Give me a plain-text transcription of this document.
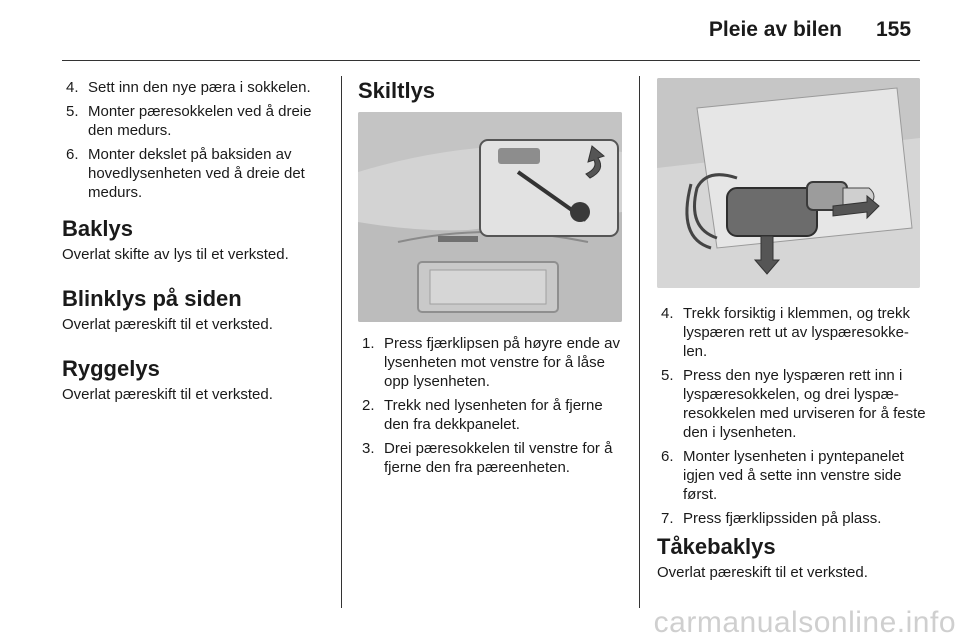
Pleie av bilen 155
4. Sett inn den nye pæra i sokkelen.
5. Monter pæresokkelen ved å dreie den medurs.
6. Monter dekslet på baksiden av hovedlysenheten ved å dreie det medurs.
Baklys

Overlat skifte av lys til et verksted.

Blinklys på siden

Overlat pæreskift til et verksted.

Ryggelys

Overlat pæreskift til et verksted.

Skiltlys
1. Press fjærklipsen på høyre ende av lysenheten mot venstre for å låse opp lysenheten.
2. Trekk ned lysenheten for å fjerne den fra dekkpanelet.
3. Drei pæresokkelen til venstre for å fjerne den fra pæreenheten.
4. Trekk forsiktig i klemmen, og trekk lyspæren rett ut av lyspæresokke- len.
5. Press den nye lyspæren rett inn i lyspæresokkelen, og drei lyspæ- resokkelen med urviseren for å feste den i lysenheten.
6. Monter lysenheten i pyntepanelet igjen ved å sette inn venstre side først.
7. Press fjærklipssiden på plass.
Tåkebaklys

Overlat pæreskift til et verksted.

carmanualsonline.info
